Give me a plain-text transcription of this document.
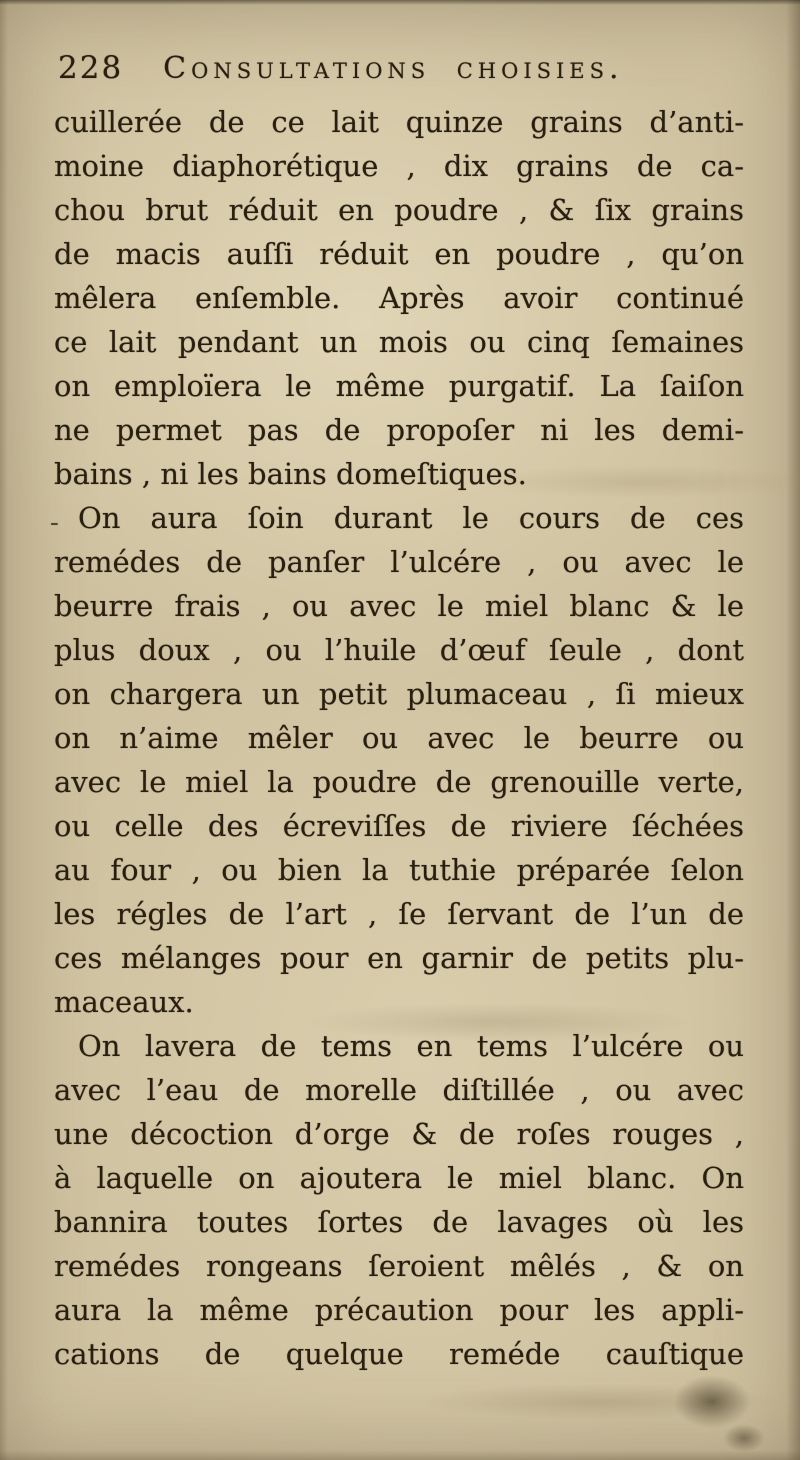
228 Consultations choisies.
-
cuillerée de ce lait quinze grains d’anti-
moine diaphorétique , dix grains de ca-
chou brut réduit en poudre , & ſix grains
de macis auſſi réduit en poudre , qu’on
mêlera enſemble. Après avoir continué
ce lait pendant un mois ou cinq ſemaines
on emploïera le même purgatif. La ſaiſon
ne permet pas de propoſer ni les demi-
bains , ni les bains domeſtiques.
On aura ſoin durant le cours de ces
remédes de panſer l’ulcére , ou avec le
beurre frais , ou avec le miel blanc & le
plus doux , ou l’huile d’œuf ſeule , dont
on chargera un petit plumaceau , ſi mieux
on n’aime mêler ou avec le beurre ou
avec le miel la poudre de grenouille verte,
ou celle des écreviſſes de riviere ſéchées
au four , ou bien la tuthie préparée ſelon
les régles de l’art , ſe ſervant de l’un de
ces mélanges pour en garnir de petits plu-
maceaux.
On lavera de tems en tems l’ulcére ou
avec l’eau de morelle diſtillée , ou avec
une décoction d’orge & de roſes rouges ,
à laquelle on ajoutera le miel blanc. On
bannira toutes ſortes de lavages où les
remédes rongeans ſeroient mêlés , & on
aura la même précaution pour les appli-
cations de quelque reméde cauſtique
